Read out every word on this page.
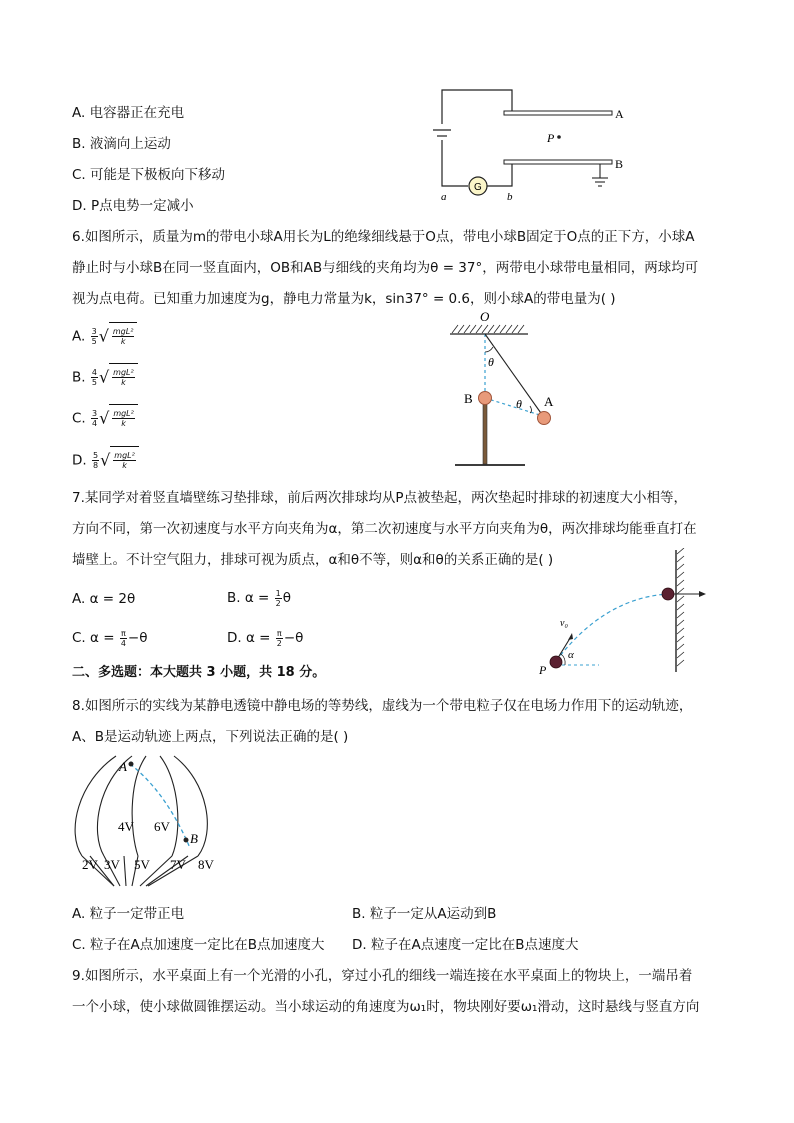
A. 电容器正在充电
B. 液滴向上运动
C. 可能是下极板向下移动
D. P点电势一定减小
P
A
B
G
a	b
6.如图所示，质量为m的带电小球A用长为L的绝缘细线悬于O点，带电小球B固定于O点的正下方，小球A
静止时与小球B在同一竖直面内，OB和AB与细线的夹角均为θ = 37°，两带电小球带电量相同，两球均可
视为点电荷。已知重力加速度为g，静电力常量为k，sin37° = 0.6，则小球A的带电量为( )
A. $\frac{3}{5}$ √ $\frac{\text{mgL²}}{k}$
B. $\frac{4}{5}$ √ $\frac{\text{mgL²}}{k}$
C. $\frac{3}{4}$ √ $\frac{\text{mgL²}}{k}$
D. $\frac{5}{8}$ √ $\frac{\text{mgL²}}{k}$
O
θ
θ
B	A
7.某同学对着竖直墙壁练习垫排球，前后两次排球均从P点被垫起，两次垫起时排球的初速度大小相等，
方向不同，第一次初速度与水平方向夹角为α，第二次初速度与水平方向夹角为θ，两次排球均能垂直打在
墙壁上。不计空气阻力，排球可视为质点，α和θ不等，则α和θ的关系正确的是( )
A. α = 2θ	B. $\alpha = \frac{1}{2}$ θ
C. $\alpha = \frac{\pi}{4} -\theta$	D. $\alpha = \frac{\pi}{2} -\theta$
v₀
α
P
二、多选题：本大题共 3 小题，共 18 分。
8.如图所示的实线为某静电透镜中静电场的等势线，虚线为一个带电粒子仅在电场力作用下的运动轨迹，
A、B是运动轨迹上两点，下列说法正确的是( )
A
B
4V 6V
2V 3V 5V 7V 8V
A. 粒子一定带正电	B. 粒子一定从A运动到B
C. 粒子在A点加速度一定比在B点加速度大 D. 粒子在A点速度一定比在B点速度大
9.如图所示，水平桌面上有一个光滑的小孔，穿过小孔的细线一端连接在水平桌面上的物块上，一端吊着
一个小球，使小球做圆锥摆运动。当小球运动的角速度为ω₁时，物块刚好要ω₁滑动，这时悬线与竖直方向
